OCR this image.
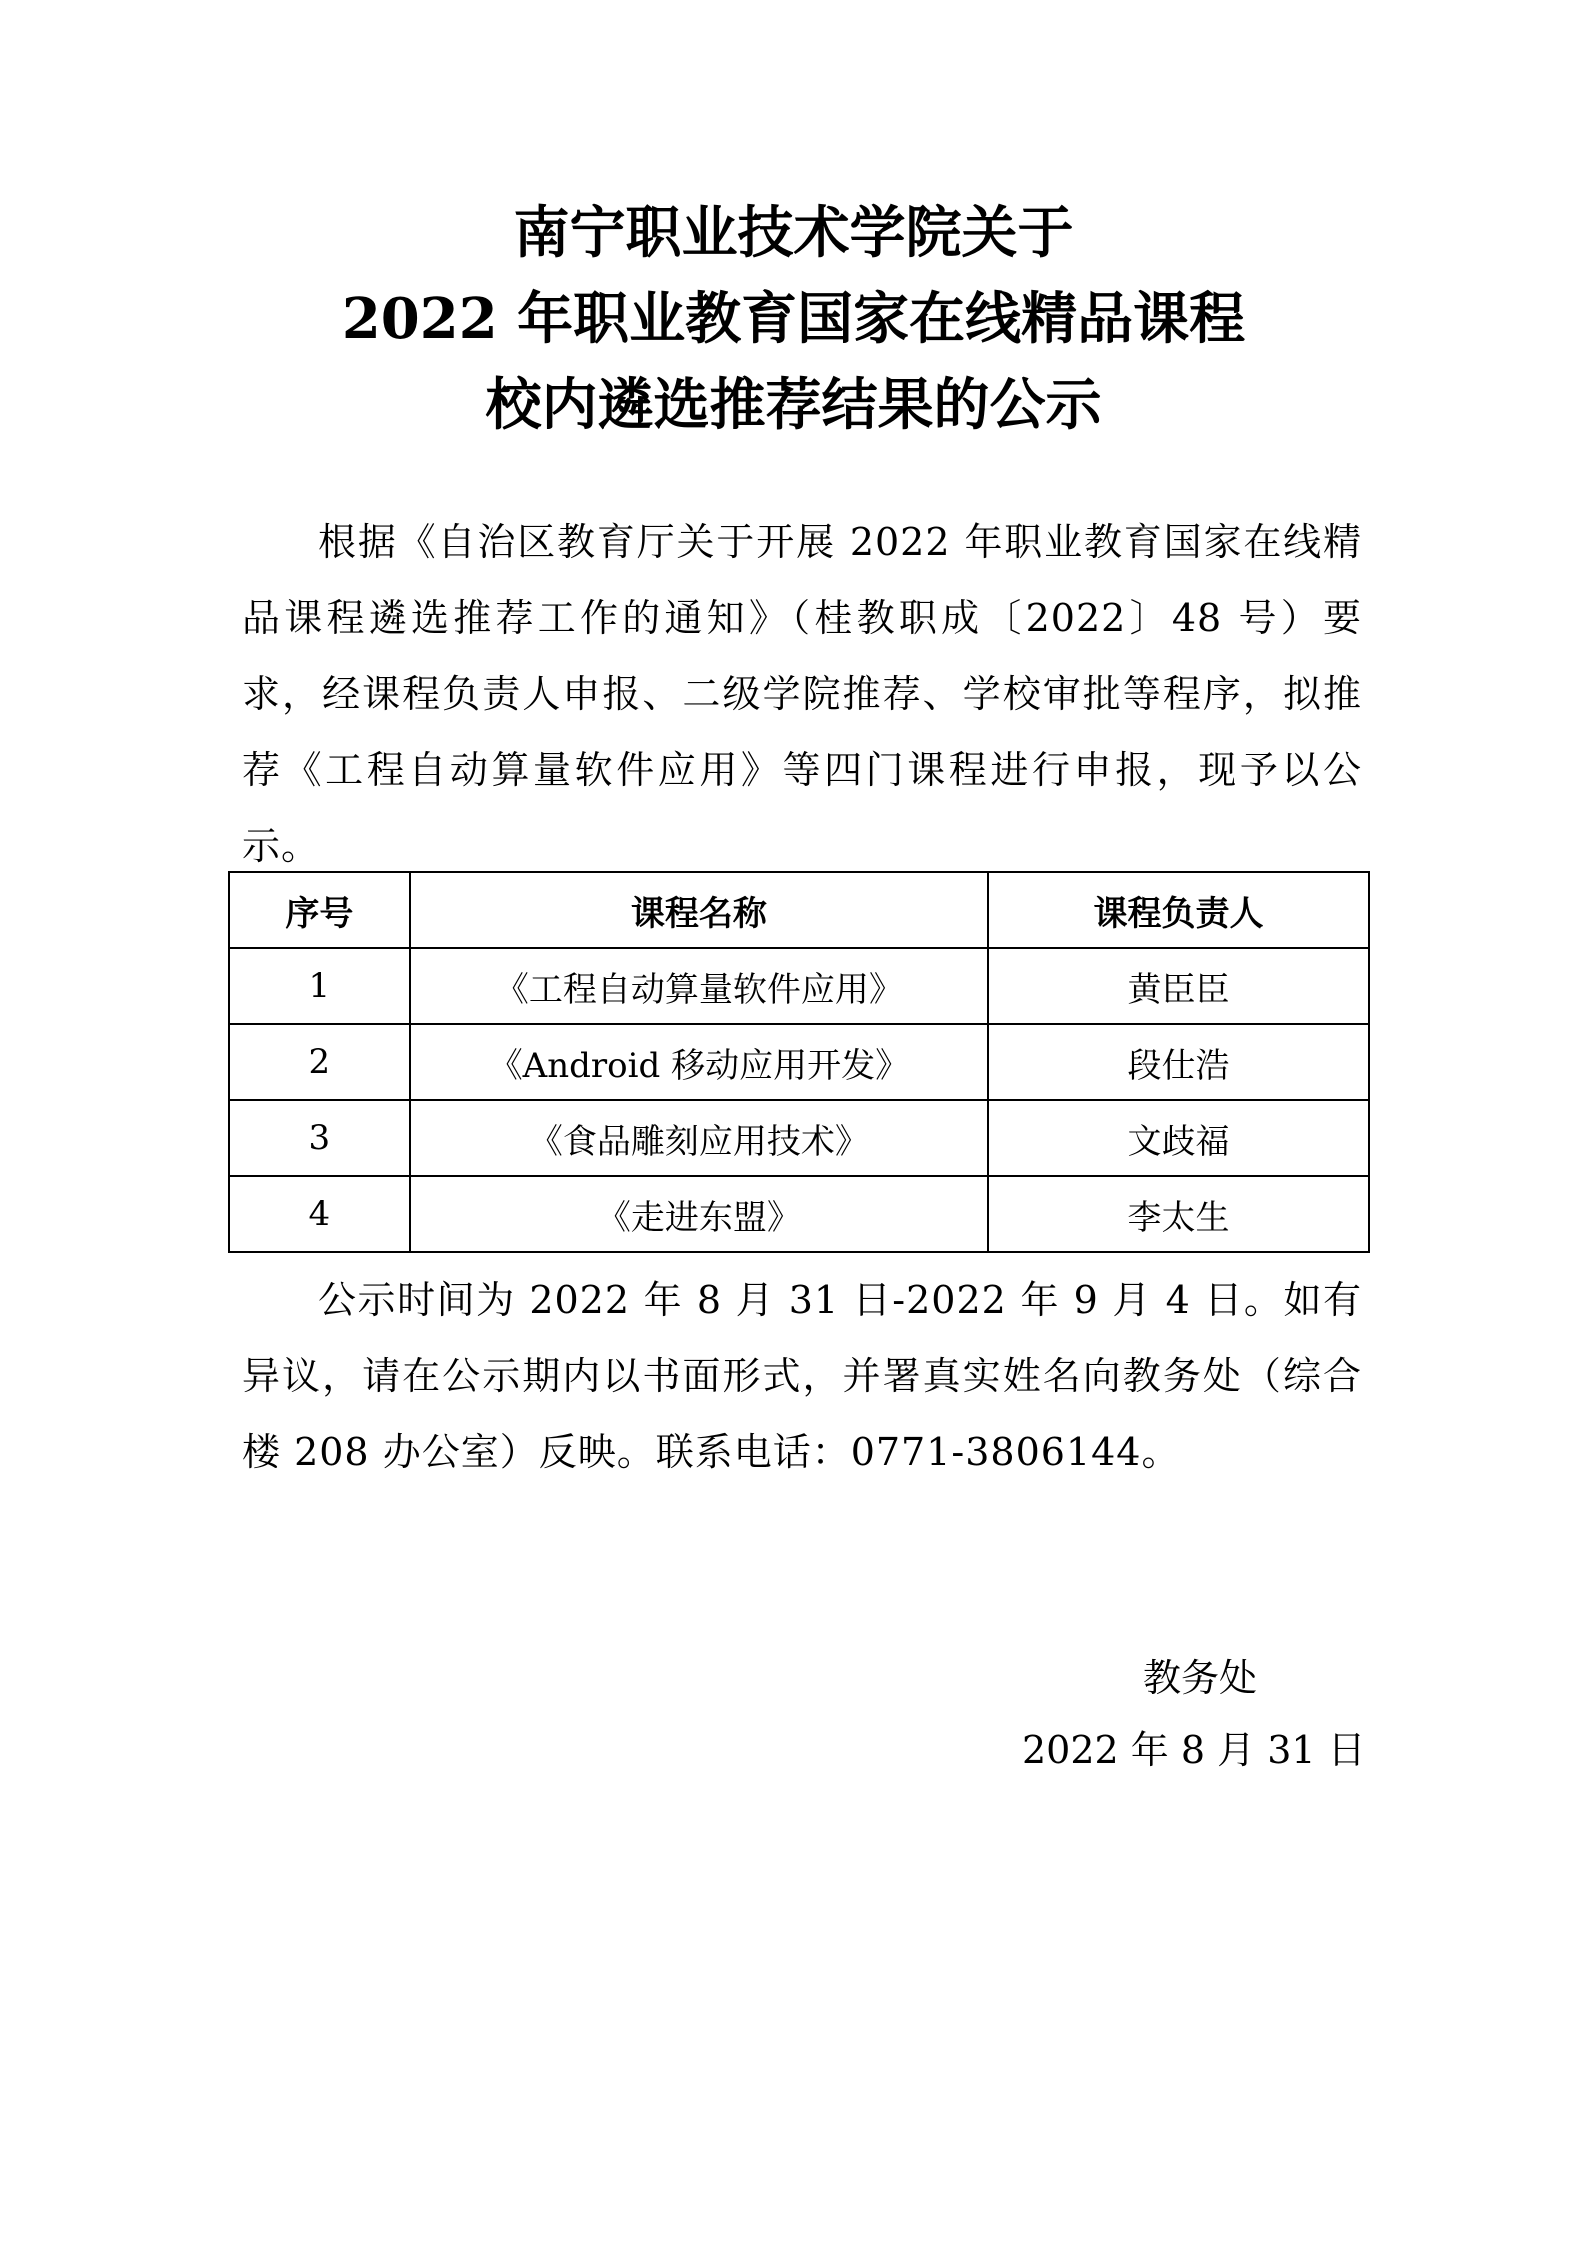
南宁职业技术学院关于
2022 年职业教育国家在线精品课程
校内遴选推荐结果的公示
根据《自治区教育厅关于开展 2022 年职业教育国家在线精品课程遴选推荐工作的通知》（桂教职成〔2022〕48 号）要求，经课程负责人申报、二级学院推荐、学校审批等程序，拟推荐《工程自动算量软件应用》等四门课程进行申报，现予以公示。
序号	课程名称	课程负责人
1	《工程自动算量软件应用》	黄臣臣
2	《Android 移动应用开发》	段仕浩
3	《食品雕刻应用技术》	文歧福
4	《走进东盟》	李太生
公示时间为 2022 年 8 月 31 日-2022 年 9 月 4 日。如有异议，请在公示期内以书面形式，并署真实姓名向教务处（综合楼 208 办公室）反映。联系电话：0771-3806144。
教务处
2022 年 8 月 31 日
